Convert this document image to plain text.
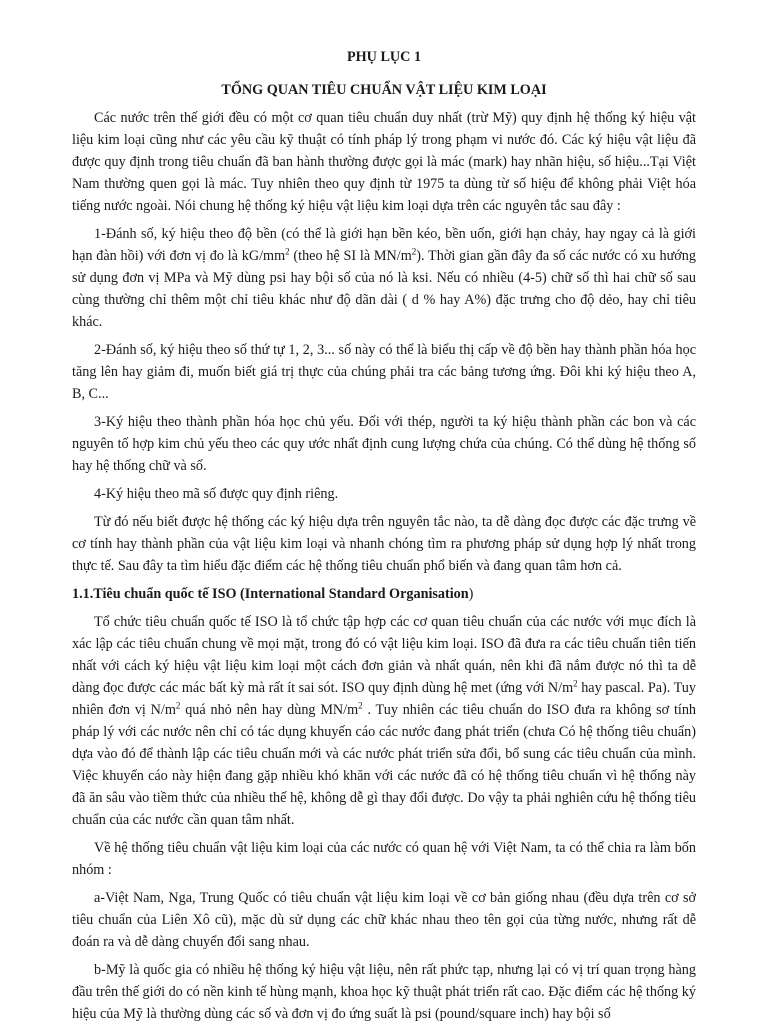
PHỤ LỤC 1
TỔNG QUAN TIÊU CHUẨN VẬT LIỆU KIM LOẠI

Các nước trên thế giới đều có một cơ quan tiêu chuẩn duy nhất (trừ Mỹ) quy định hệ thống ký hiệu vật liệu kim loại cũng như các yêu cầu kỹ thuật có tính pháp lý trong phạm vi nước đó. Các ký hiệu vật liệu đã được quy định trong tiêu chuẩn đã ban hành thường được gọi là mác (mark) hay nhãn hiệu, số hiệu...Tại Việt Nam thường quen gọi là mác. Tuy nhiên theo quy định từ 1975 ta dùng từ số hiệu để không phải Việt hóa tiếng nước ngoài. Nói chung hệ thống ký hiệu vật liệu kim loại dựa trên các nguyên tắc sau đây :

1-Đánh số, ký hiệu theo độ bền (có thể là giới hạn bền kéo, bền uốn, giới hạn chảy, hay ngay cả là giới hạn đàn hồi) với đơn vị đo là $kG/mm^2$ (theo hệ SI là $MN/m^2$). Thời gian gần đây đa số các nước có xu hướng sử dụng đơn vị MPa và Mỹ dùng psi hay bội số của nó là ksi. Nếu có nhiều (4-5) chữ số thì hai chữ số sau cùng thường chỉ thêm một chỉ tiêu khác như độ dãn dài ( d % hay A%) đặc trưng cho độ dẻo, hay chỉ tiêu khác.

2-Đánh số, ký hiệu theo số thứ tự 1, 2, 3... số này có thể là biểu thị cấp về độ bền hay thành phần hóa học tăng lên hay giảm đi, muốn biết giá trị thực của chúng phải tra các bảng tương ứng. Đôi khi ký hiệu theo A, B, C...

3-Ký hiệu theo thành phần hóa học chủ yếu. Đối với thép, người ta ký hiệu thành phần các bon và các nguyên tố hợp kim chủ yếu theo các quy ước nhất định cung lượng chứa của chúng. Có thể dùng hệ thống số hay hệ thống chữ và số.

4-Ký hiệu theo mã số được quy định riêng.

Từ đó nếu biết được hệ thống các ký hiệu dựa trên nguyên tắc nào, ta dễ dàng đọc được các đặc trưng về cơ tính hay thành phần của vật liệu kim loại và nhanh chóng tìm ra phương pháp sử dụng hợp lý nhất trong thực tế. Sau đây ta tìm hiểu đặc điểm các hệ thống tiêu chuẩn phổ biến và đang quan tâm hơn cả.

1.1.Tiêu chuẩn quốc tế ISO (International Standard Organisation)

Tổ chức tiêu chuẩn quốc tế ISO là tổ chức tập hợp các cơ quan tiêu chuẩn của các nước với mục đích là xác lập các tiêu chuẩn chung về mọi mặt, trong đó có vật liệu kim loại. ISO đã đưa ra các tiêu chuẩn tiên tiến nhất với cách ký hiệu vật liệu kim loại một cách đơn giản và nhất quán, nên khi đã nắm được nó thì ta dễ dàng đọc được các mác bất kỳ mà rất ít sai sót. ISO quy định dùng hệ met (ứng với $N/m^2$ hay pascal. Pa). Tuy nhiên đơn vị $N/m^2$ quá nhỏ nên hay dùng $MN/m^2$ . Tuy nhiên các tiêu chuẩn do ISO đưa ra không sơ tính pháp lý với các nước nên chỉ có tác dụng khuyến cáo các nước đang phát triển (chưa Có hệ thống tiêu chuẩn) dựa vào đó để thành lập các tiêu chuẩn mới và các nước phát triển sửa đổi, bổ sung các tiêu chuẩn của mình. Việc khuyến cáo này hiện đang gặp nhiều khó khăn với các nước đã có hệ thống tiêu chuẩn vì hệ thống này đã ăn sâu vào tiềm thức của nhiều thế hệ, không dễ gì thay đổi được. Do vậy ta phải nghiên cứu hệ thống tiêu chuẩn của các nước cần quan tâm nhất.

Về hệ thống tiêu chuẩn vật liệu kim loại của các nước có quan hệ với Việt Nam, ta có thể chia ra làm bốn nhóm :

a-Việt Nam, Nga, Trung Quốc có tiêu chuẩn vật liệu kim loại về cơ bản giống nhau (đều dựa trên cơ sở tiêu chuẩn của Liên Xô cũ), mặc dù sử dụng các chữ khác nhau theo tên gọi của từng nước, nhưng rất dễ đoán ra và dễ dàng chuyển đổi sang nhau.

b-Mỹ là quốc gia có nhiều hệ thống ký hiệu vật liệu, nên rất phức tạp, nhưng lại có vị trí quan trọng hàng đầu trên thế giới do có nền kinh tế hùng mạnh, khoa học kỹ thuật phát triển rất cao. Đặc điểm các hệ thống ký hiệu của Mỹ là thường dùng các số và đơn vị đo ứng suất là psi (pound/square inch) hay bội số
